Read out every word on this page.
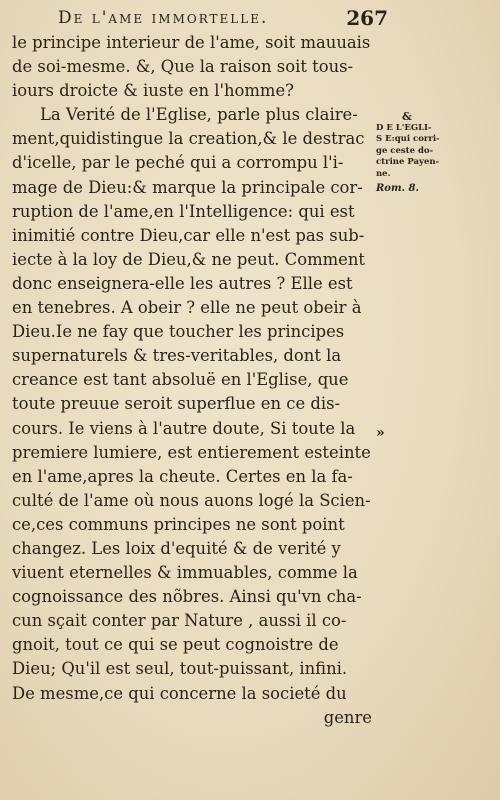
De l'ame immortelle.	267
le principe interieur de l'ame, soit mauuais
de soi-mesme. &, Que la raison soit tous-
iours droicte & iuste en l'homme?
La Verité de l'Eglise, parle plus claire-
ment,quidistingue la creation,& le destrac
d'icelle, par le peché qui a corrompu l'i-
mage de Dieu:& marque la principale cor-
ruption de l'ame,en l'Intelligence: qui est
inimitié contre Dieu,car elle n'est pas sub-
iecte à la loy de Dieu,& ne peut. Comment
donc enseignera-elle les autres ? Elle est
en tenebres. A obeir ? elle ne peut obeir à
Dieu.Ie ne fay que toucher les principes
supernaturels & tres-veritables, dont la
creance est tant absoluë en l'Eglise, que
toute preuue seroit superflue en ce dis-
cours. Ie viens à l'autre doute, Si toute la
premiere lumiere, est entierement esteinte
en l'ame,apres la cheute. Certes en la fa-
culté de l'ame où nous auons logé la Scien-
ce,ces communs principes ne sont point
changez. Les loix d'equité & de verité y
viuent eternelles & immuables, comme la
cognoissance des nõbres. Ainsi qu'vn cha-
cun sçait conter par Nature , aussi il co-
gnoit, tout ce qui se peut cognoistre de
Dieu; Qu'il est seul, tout-puissant, infini.
De mesme,ce qui concerne la societé du
genre
&
D E L'EGLI-
S E:qui corri-
ge ceste do-
ctrine Payen-
ne.
Rom. 8.
»
